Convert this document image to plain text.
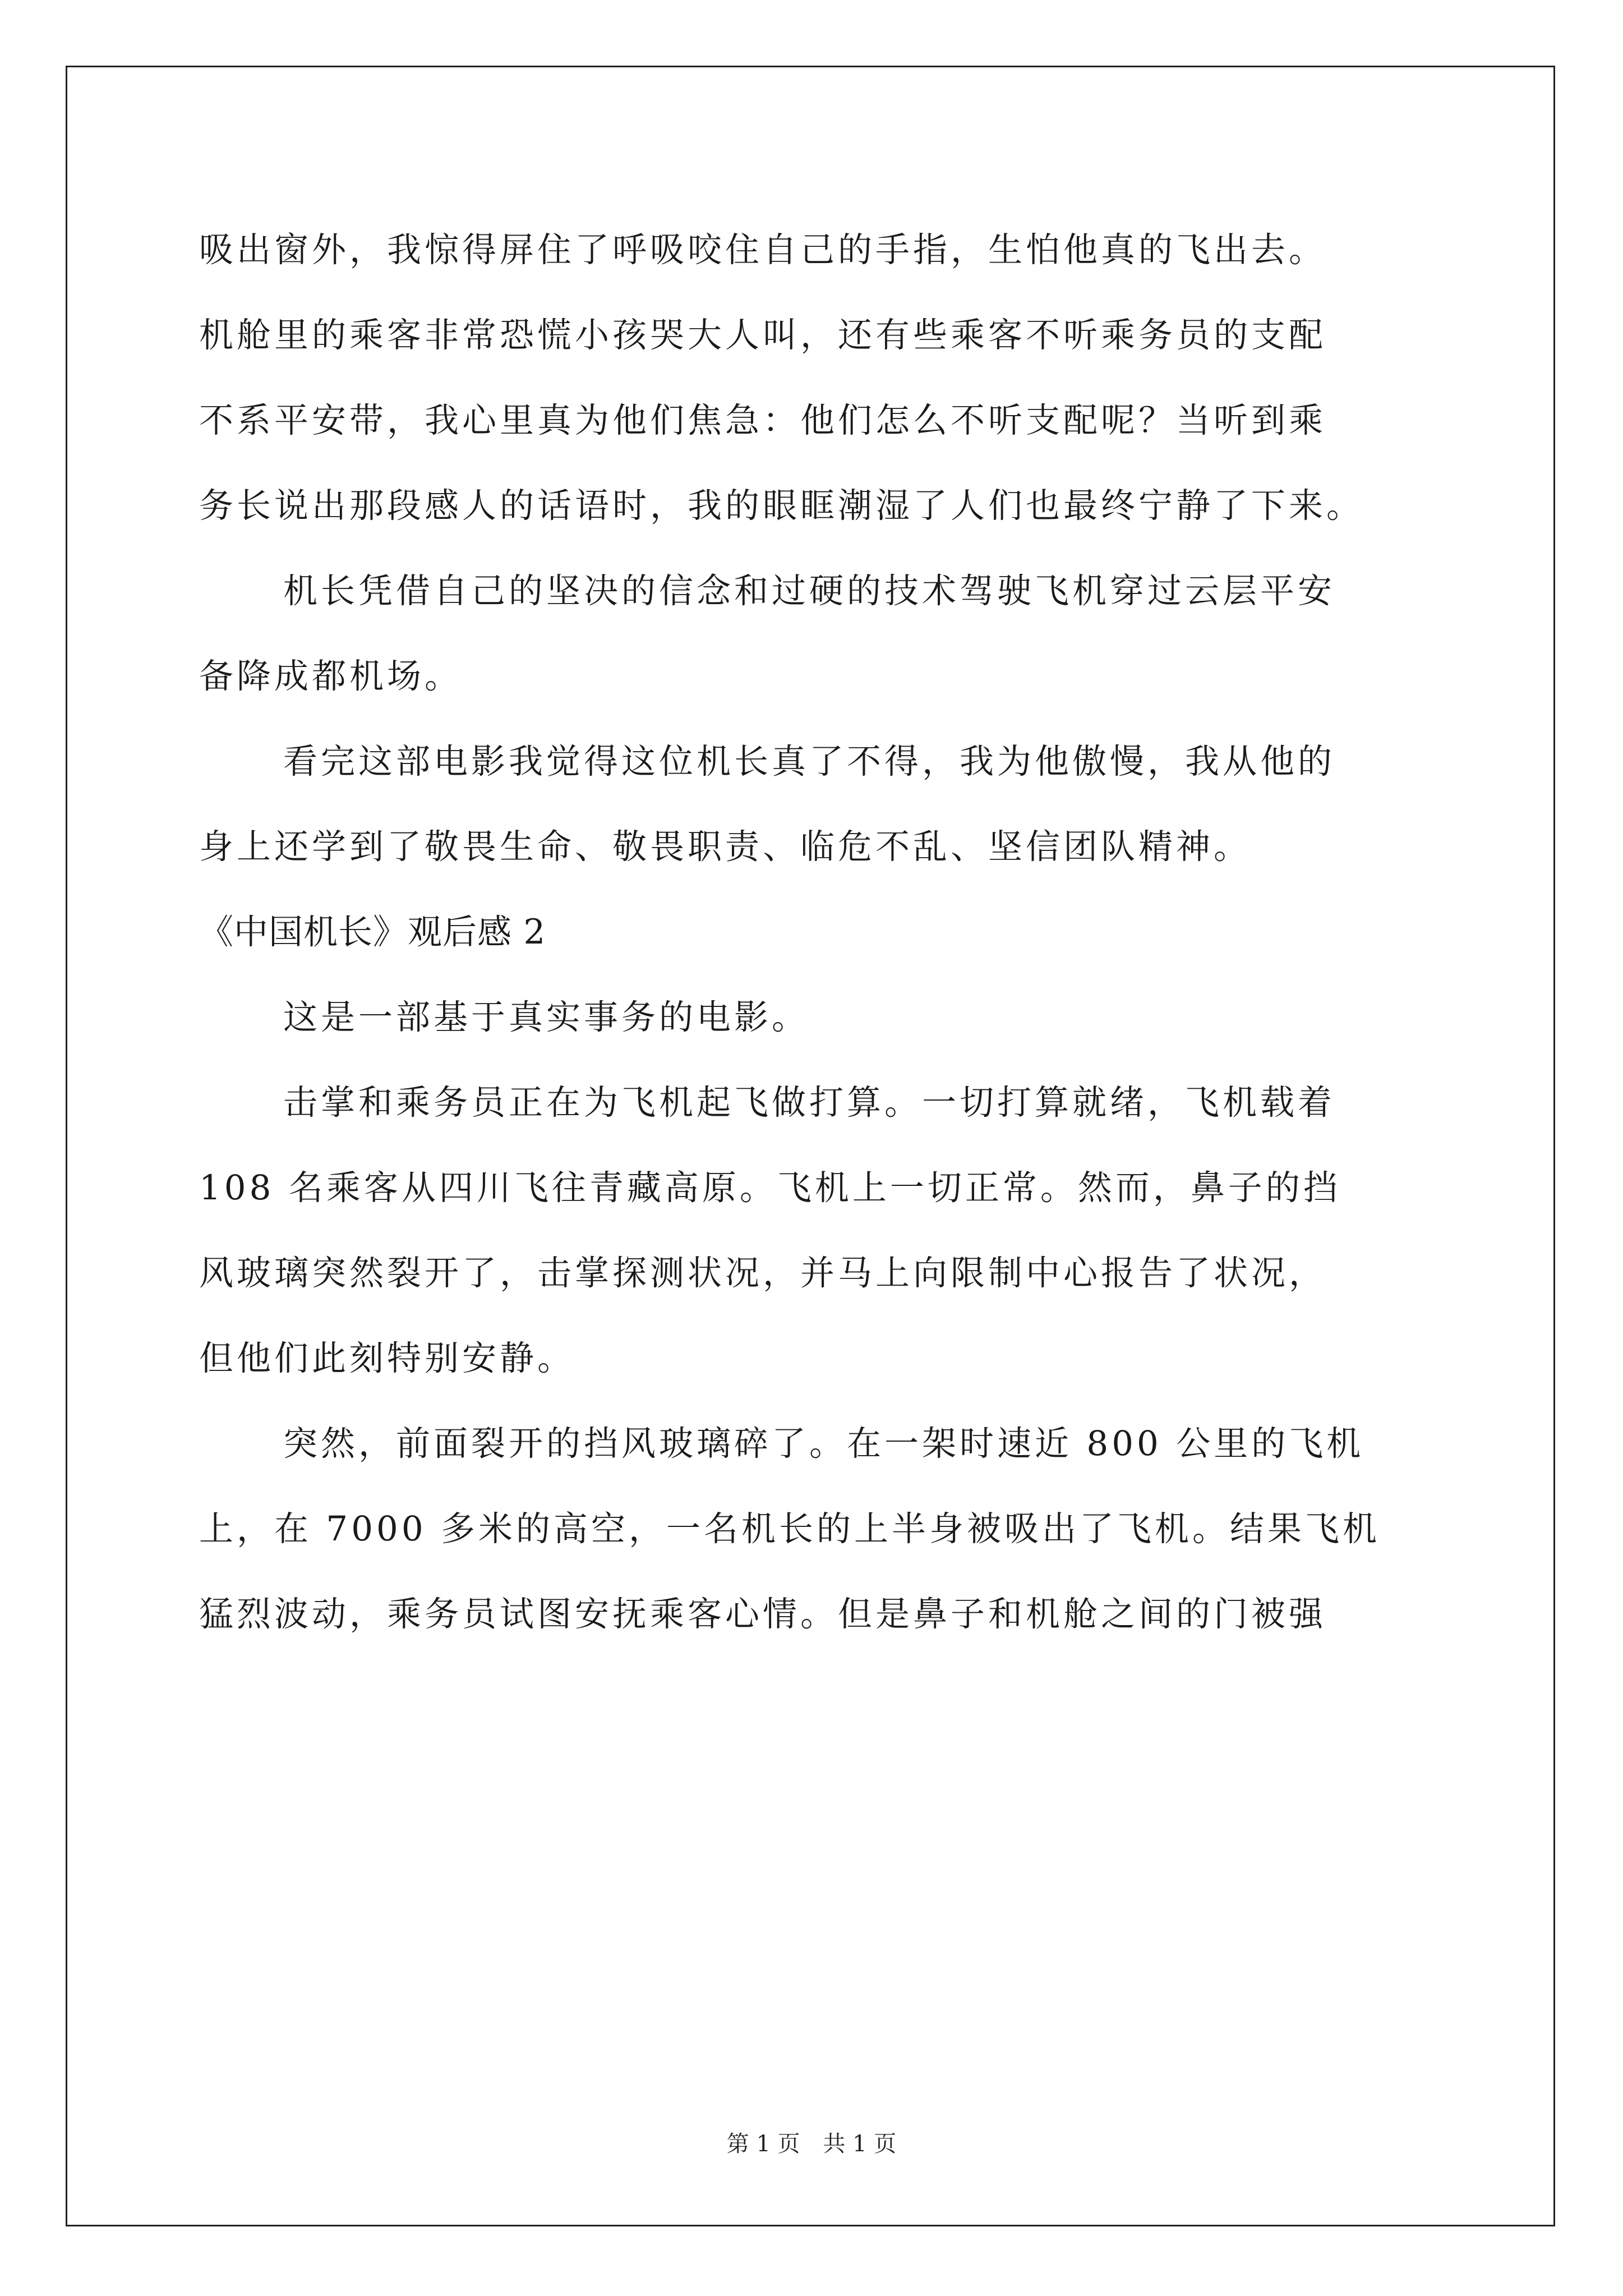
吸出窗外，我惊得屏住了呼吸咬住自己的手指，生怕他真的飞出去。
机舱里的乘客非常恐慌小孩哭大人叫，还有些乘客不听乘务员的支配
不系平安带，我心里真为他们焦急：他们怎么不听支配呢？当听到乘
务长说出那段感人的话语时，我的眼眶潮湿了人们也最终宁静了下来。
机长凭借自己的坚决的信念和过硬的技术驾驶飞机穿过云层平安
备降成都机场。
看完这部电影我觉得这位机长真了不得，我为他傲慢，我从他的
身上还学到了敬畏生命、敬畏职责、临危不乱、坚信团队精神。
《中国机长》观后感 2
这是一部基于真实事务的电影。
击掌和乘务员正在为飞机起飞做打算。一切打算就绪，飞机载着
108 名乘客从四川飞往青藏高原。飞机上一切正常。然而，鼻子的挡
风玻璃突然裂开了，击掌探测状况，并马上向限制中心报告了状况，
但他们此刻特别安静。
突然，前面裂开的挡风玻璃碎了。在一架时速近 800 公里的飞机
上，在 7000 多米的高空，一名机长的上半身被吸出了飞机。结果飞机
猛烈波动，乘务员试图安抚乘客心情。但是鼻子和机舱之间的门被强
第 1 页 共 1 页
